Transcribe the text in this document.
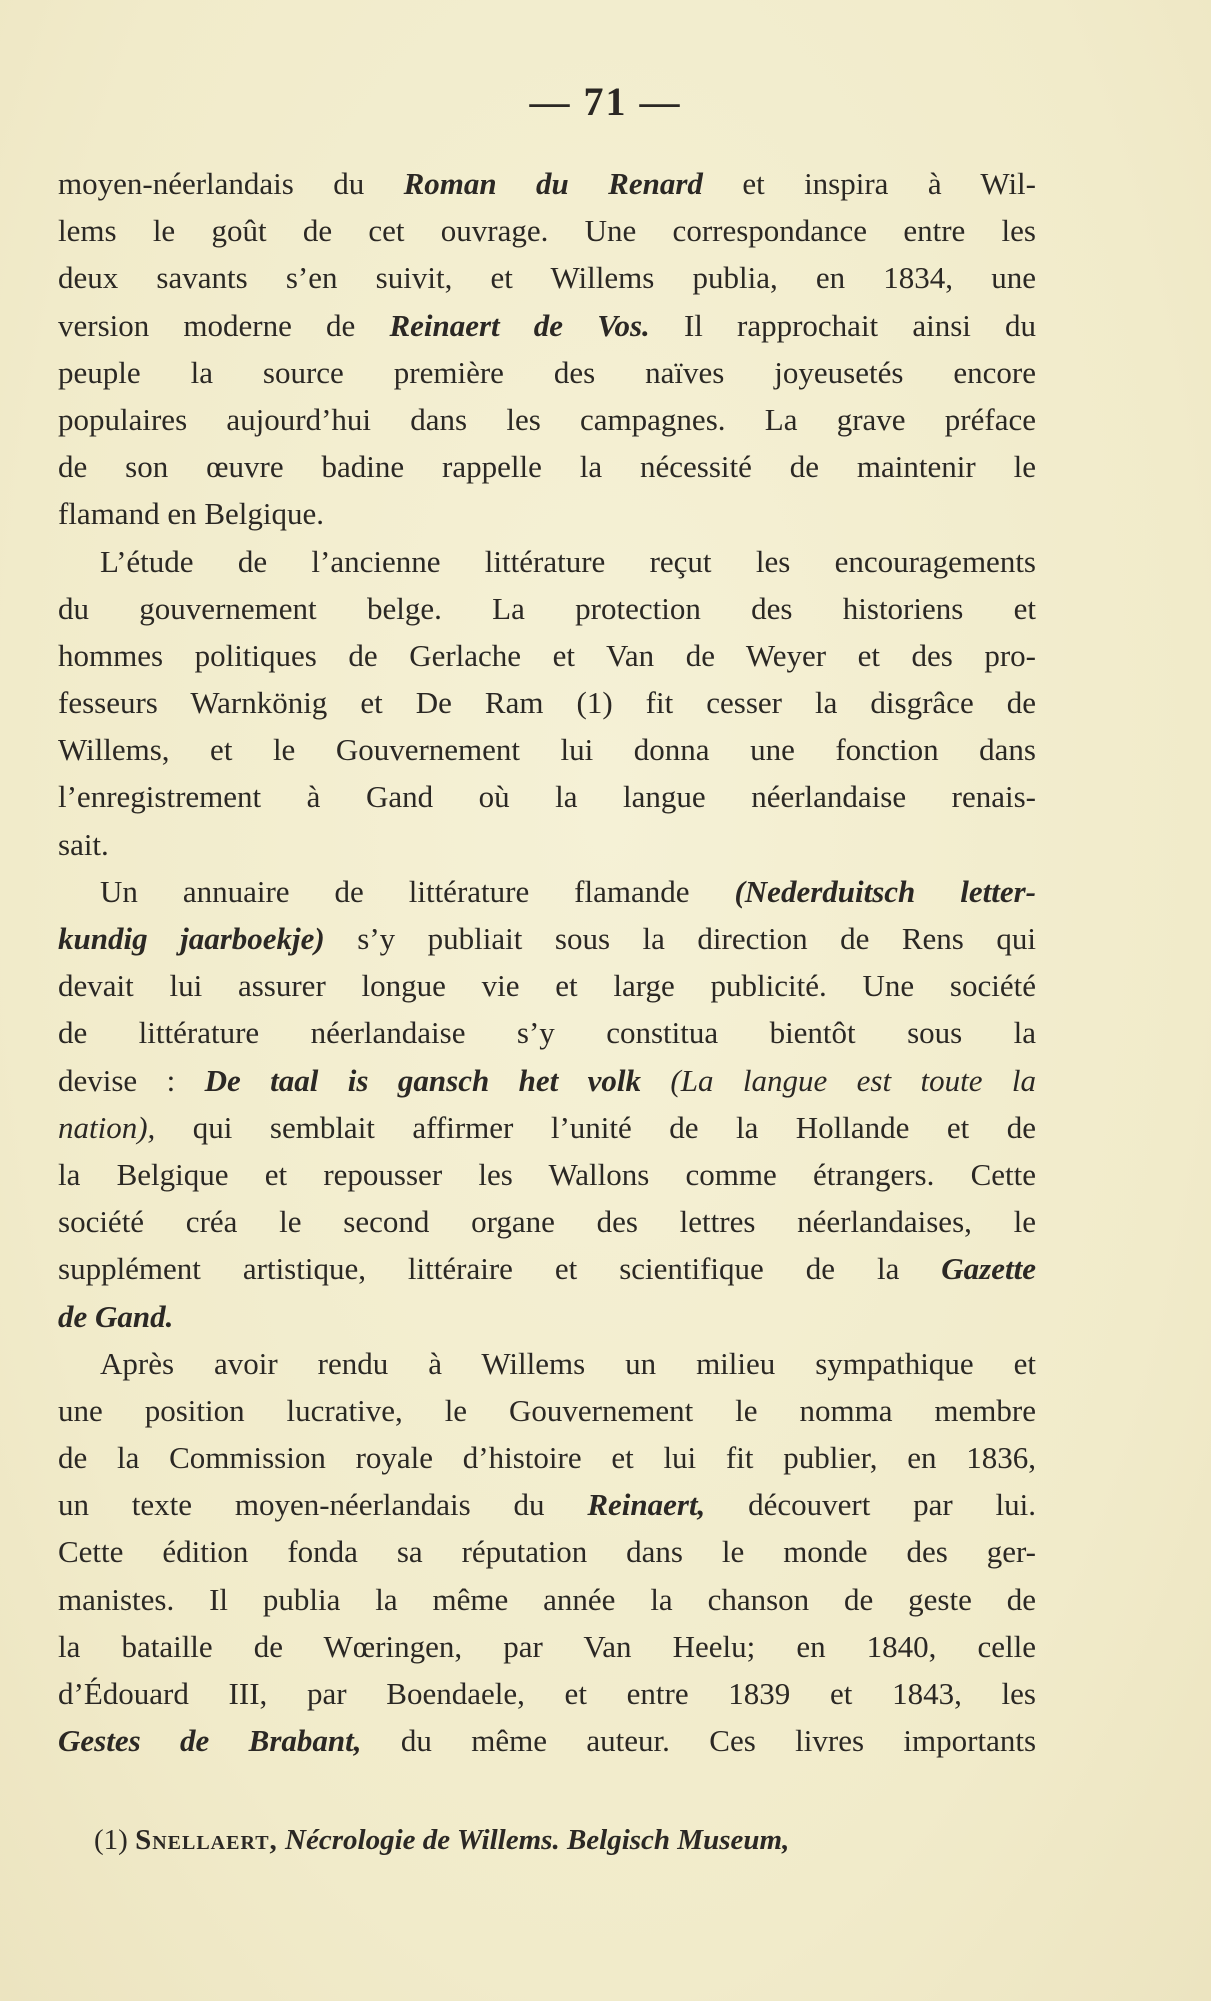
— 71 —
moyen-néerlandais du Roman du Renard et inspira à Wil-
lems le goût de cet ouvrage. Une correspondance entre les
deux savants s’en suivit, et Willems publia, en 1834, une
version moderne de Reinaert de Vos. Il rapprochait ainsi du
peuple la source première des naïves joyeusetés encore
populaires aujourd’hui dans les campagnes. La grave préface
de son œuvre badine rappelle la nécessité de maintenir le
flamand en Belgique.
L’étude de l’ancienne littérature reçut les encouragements
du gouvernement belge. La protection des historiens et
hommes politiques de Gerlache et Van de Weyer et des pro-
fesseurs Warnkönig et De Ram (1) fit cesser la disgrâce de
Willems, et le Gouvernement lui donna une fonction dans
l’enregistrement à Gand où la langue néerlandaise renais-
sait.
Un annuaire de littérature flamande (Nederduitsch letter-
kundig jaarboekje) s’y publiait sous la direction de Rens qui
devait lui assurer longue vie et large publicité. Une société
de littérature néerlandaise s’y constitua bientôt sous la
devise : De taal is gansch het volk (La langue est toute la
nation), qui semblait affirmer l’unité de la Hollande et de
la Belgique et repousser les Wallons comme étrangers. Cette
société créa le second organe des lettres néerlandaises, le
supplément artistique, littéraire et scientifique de la Gazette
de Gand.
Après avoir rendu à Willems un milieu sympathique et
une position lucrative, le Gouvernement le nomma membre
de la Commission royale d’histoire et lui fit publier, en 1836,
un texte moyen-néerlandais du Reinaert, découvert par lui.
Cette édition fonda sa réputation dans le monde des ger-
manistes. Il publia la même année la chanson de geste de
la bataille de Wœringen, par Van Heelu; en 1840, celle
d’Édouard III, par Boendaele, et entre 1839 et 1843, les
Gestes de Brabant, du même auteur. Ces livres importants
(1) Snellaert, Nécrologie de Willems. Belgisch Museum,
